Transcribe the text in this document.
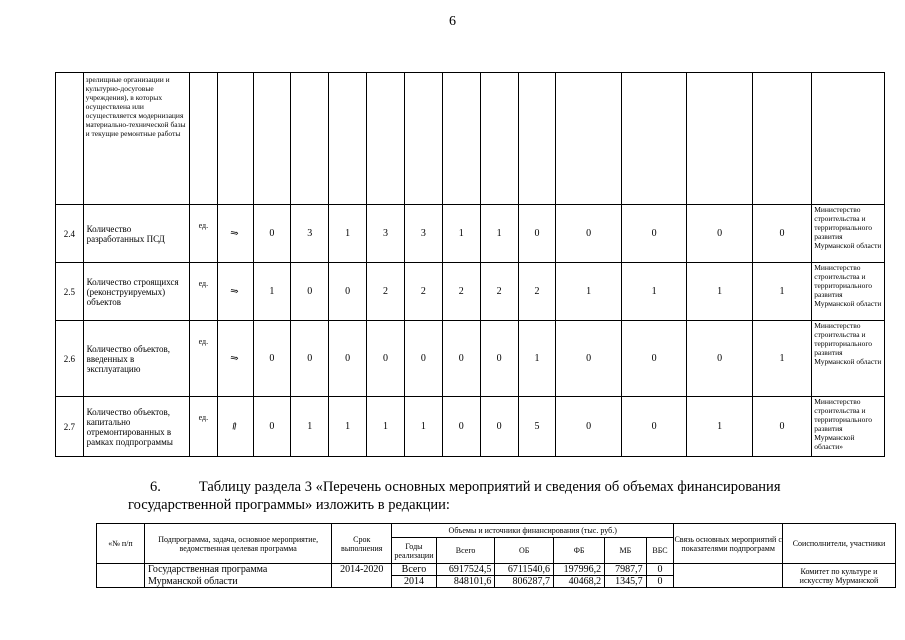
6
	зрелищные организации и культурно-досуговые учреждения), в которых осуществлена или осуществляется модернизация материально-технической базы и текущие ремонтные работы															
2.4	Количество разработанных ПСД	ед.	⇘	0	3	1	3	3	1	1	0	0	0	0	0	Министерство строительства и территориального развития Мурманской области
2.5	Количество строящихся (реконструируемых) объектов	ед.	⇘	1	0	0	2	2	2	2	2	1	1	1	1	Министерство строительства и территориального развития Мурманской области
2.6	Количество объектов, введенных в эксплуатацию	ед.	⇘	0	0	0	0	0	0	0	1	0	0	0	1	Министерство строительства и территориального развития Мурманской области
2.7	Количество объектов, капитально отремонтированных в рамках подпрограммы	ед.	⇗	0	1	1	1	1	0	0	5	0	0	1	0	Министерство строительства и территориального развития Мурманской области»
6.	Таблицу раздела 3 «Перечень основных мероприятий и сведения об объемах финансирования
государственной программы» изложить в редакции:
«№ п/п	Подпрограмма, задача, основное мероприятие, ведомственная целевая программа	Срок выполнения	Объемы и источники финансирования (тыс. руб.)						Связь основных мероприятий с показателями подпрограмм	Соисполнители, участники
			Годы реализации	Всего	ОБ	ФБ	МБ	ВБС		
	Государственная программа	2014-2020	Всего	6917524,5	6711540,6	197996,2	7987,7	0		Комитет по культуре и искусству Мурманской
	Мурманской области		2014	848101,6	806287,7	40468,2	1345,7	0		
